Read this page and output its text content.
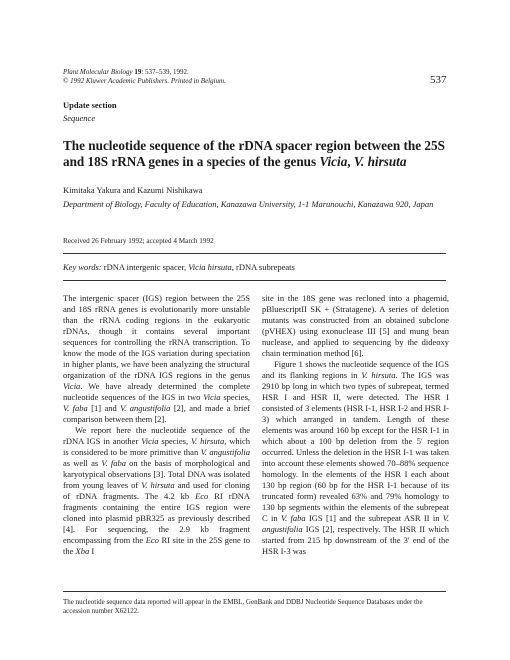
Plant Molecular Biology 19: 537–539, 1992.
© 1992 Kluwer Academic Publishers. Printed in Belgium.	537
Update section
Sequence
The nucleotide sequence of the rDNA spacer region between the 25S and 18S rRNA genes in a species of the genus Vicia, V. hirsuta
Kimitaka Yakura and Kazumi Nishikawa
Department of Biology, Faculty of Education, Kanazawa University, 1-1 Marunouchi, Kanazawa 920, Japan
Received 26 February 1992; accepted 4 March 1992
Key words: rDNA intergenic spacer, Vicia hirsuta, rDNA subrepeats

The intergenic spacer (IGS) region between the 25S and 18S rRNA genes is evolutionarily more unstable than the rRNA coding regions in the eukaryotic rDNAs, though it contains several important sequences for controlling the rRNA transcription. To know the mode of the IGS variation during speciation in higher plants, we have been analyzing the structural organization of the rDNA IGS regions in the genus Vicia. We have already determined the complete nucleotide sequences of the IGS in two Vicia species, V. faba [1] and V. angustifolia [2], and made a brief comparison between them [2].

We report here the nucleotide sequence of the rDNA IGS in another Vicia species, V. hirsuta, which is considered to be more primitive than V. angustifolia as well as V. faba on the basis of morphological and karyotypical observations [3]. Total DNA was isolated from young leaves of V. hirsuta and used for cloning of rDNA fragments. The 4.2 kb Eco RI rDNA fragments containing the entire IGS region were cloned into plasmid pBR325 as previously described [4]. For sequencing, the 2.9 kb fragment encompassing from the Eco RI site in the 25S gene to the Xba I

site in the 18S gene was recloned into a phagemid, pBluescriptII SK + (Stratagene). A series of deletion mutants was constructed from an obtained subclone (pVHEX) using exonuclease III [5] and mung bean nuclease, and applied to sequencing by the dideoxy chain termination method [6].

Figure 1 shows the nucleotide sequence of the IGS and its flanking regions in V. hirsuta. The IGS was 2910 bp long in which two types of subrepeat, termed HSR I and HSR II, were detected. The HSR I consisted of 3 elements (HSR I-1, HSR I-2 and HSR I-3) which arranged in tandem. Length of these elements was around 160 bp except for the HSR I-1 in which about a 100 bp deletion from the 5′ region occurred. Unless the deletion in the HSR I-1 was taken into account these elements showed 70–88% sequence homology. In the elements of the HSR I each about 130 bp region (60 bp for the HSR I-1 because of its truncated form) revealed 63% and 79% homology to 130 bp segments within the elements of the subrepeat C in V. faba IGS [1] and the subrepeat ASR II in V. angustifolia IGS [2], respectively. The HSR II which started from 215 bp downstream of the 3′ end of the HSR I-3 was

The nucleotide sequence data reported will appear in the EMBL, GenBank and DDBJ Nucleotide Sequence Databases under the accession number X62122.
